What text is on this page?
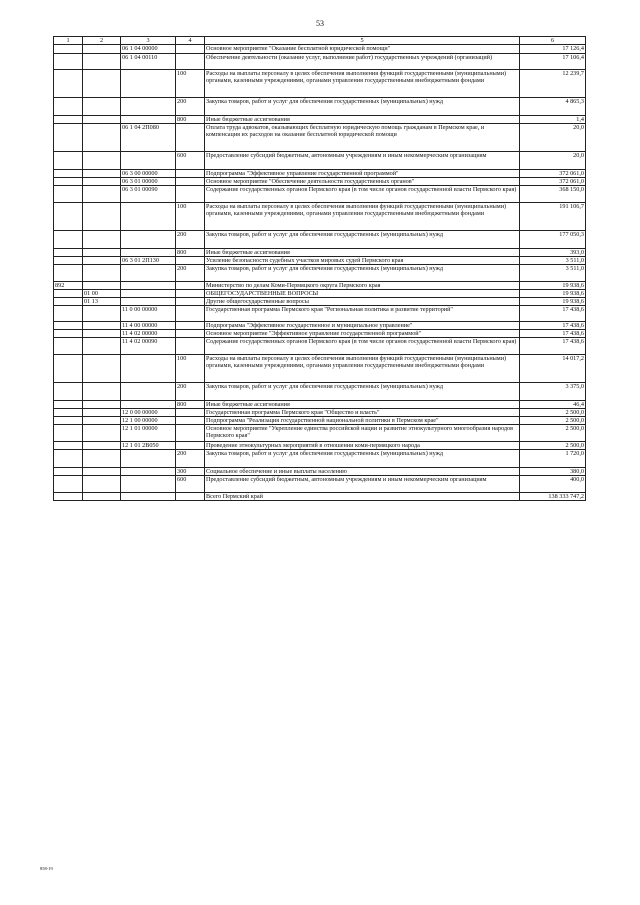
53
1	2	3	4	5	6
		06 1 04 00000		Основное мероприятие "Оказание бесплатной юридической помощи"	17 126,4
		06 1 04 00110		Обеспечение деятельности (оказание услуг, выполнение работ) государственных учреждений (организаций)	17 106,4
			100	Расходы на выплаты персоналу в целях обеспечения выполнения функций государственными (муниципальными) органами, казенными учреждениями, органами управления государственными внебюджетными фондами	12 239,7
			200	Закупка товаров, работ и услуг для обеспечения государственных (муниципальных) нужд	4 865,3
			800	Иные бюджетные ассигнования	1,4
		06 1 04 2П080		Оплата труда адвокатов, оказывающих бесплатную юридическую помощь гражданам в Пермском крае, и компенсация их расходов на оказание бесплатной юридической помощи	20,0
			600	Предоставление субсидий бюджетным, автономным учреждениям и иным некоммерческим организациям	20,0
		06 3 00 00000		Подпрограмма "Эффективное управление государственной программой"	372 061,0
		06 3 01 00000		Основное мероприятие "Обеспечение деятельности государственных органов"	372 061,0
		06 3 01 00090		Содержание государственных органов Пермского края (в том числе органов государственной власти Пермского края)	368 150,0
			100	Расходы на выплаты персоналу в целях обеспечения выполнения функций государственными (муниципальными) органами, казенными учреждениями, органами управления государственными внебюджетными фондами	191 106,7
			200	Закупка товаров, работ и услуг для обеспечения государственных (муниципальных) нужд	177 050,3
			800	Иные бюджетные ассигнования	393,0
		06 3 01 2П130		Усиление безопасности судебных участков мировых судей Пермского края	3 511,0
			200	Закупка товаров, работ и услуг для обеспечения государственных (муниципальных) нужд	3 511,0
892				Министерство по делам Коми-Пермяцкого округа Пермского края	19 938,6
	01 00			ОБЩЕГОСУДАРСТВЕННЫЕ ВОПРОСЫ	19 938,6
	01 13			Другие общегосударственные вопросы	19 938,6
		11 0 00 00000		Государственная программа Пермского края "Региональная политика и развитие территорий"	17 438,6
		11 4 00 00000		Подпрограмма "Эффективное государственное и муниципальное управление"	17 438,6
		11 4 02 00000		Основное мероприятие "Эффективное управление государственной программой"	17 438,6
		11 4 02 00090		Содержание государственных органов Пермского края (в том числе органов государственной власти Пермского края)	17 438,6
			100	Расходы на выплаты персоналу в целях обеспечения выполнения функций государственными (муниципальными) органами, казенными учреждениями, органами управления государственными внебюджетными фондами	14 017,2
			200	Закупка товаров, работ и услуг для обеспечения государственных (муниципальных) нужд	3 375,0
			800	Иные бюджетные ассигнования	46,4
		12 0 00 00000		Государственная программа Пермского края "Общество и власть"	2 500,0
		12 1 00 00000		Подпрограмма "Реализация государственной национальной политики в Пермском крае"	2 500,0
		12 1 01 00000		Основное мероприятие "Укрепление единства российской нации и развитие этнокультурного многообразия народов Пермского края"	2 500,0
		12 1 01 2В050		Проведение этнокультурных мероприятий в отношении коми-пермяцкого народа	2 500,0
			200	Закупка товаров, работ и услуг для обеспечения государственных (муниципальных) нужд	1 720,0
			300	Социальное обеспечение и иные выплаты населению	380,0
			600	Предоставление субсидий бюджетным, автономным учреждениям и иным некоммерческим организациям	400,0
				Всего Пермский край	138 333 747,2
858-19
